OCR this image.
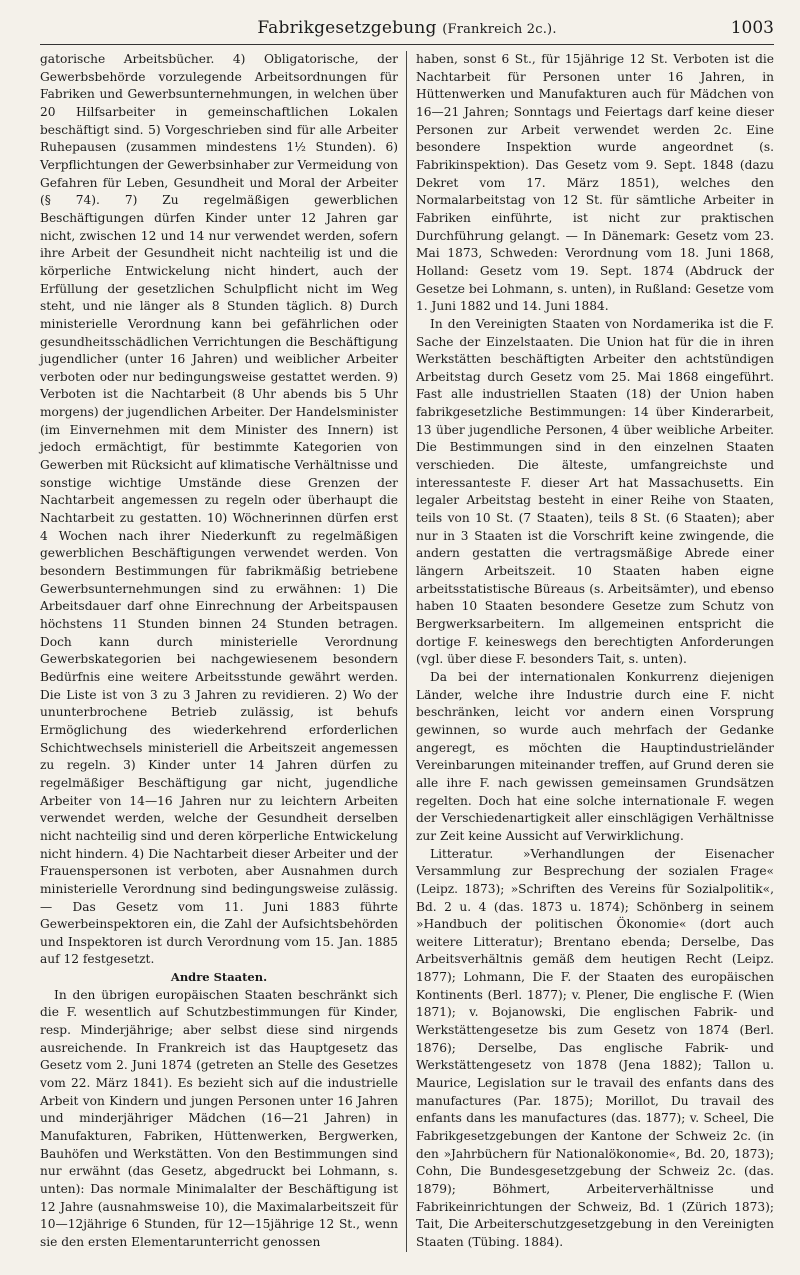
Fabrikgesetzgebung (Frankreich 2c.).	1003

gatorische Arbeitsbücher. 4) Obligatorische, der Gewerbsbehörde vorzulegende Arbeitsordnungen für Fabriken und Gewerbsunternehmungen, in welchen über 20 Hilfsarbeiter in gemeinschaftlichen Lokalen beschäftigt sind. 5) Vorgeschrieben sind für alle Arbeiter Ruhepausen (zusammen mindestens 1½ Stunden). 6) Verpflichtungen der Gewerbsinhaber zur Vermeidung von Gefahren für Leben, Gesundheit und Moral der Arbeiter (§ 74). 7) Zu regelmäßigen gewerblichen Beschäftigungen dürfen Kinder unter 12 Jahren gar nicht, zwischen 12 und 14 nur verwendet werden, sofern ihre Arbeit der Gesundheit nicht nachteilig ist und die körperliche Entwickelung nicht hindert, auch der Erfüllung der gesetzlichen Schulpflicht nicht im Weg steht, und nie länger als 8 Stunden täglich. 8) Durch ministerielle Verordnung kann bei gefährlichen oder gesundheitsschädlichen Verrichtungen die Beschäftigung jugendlicher (unter 16 Jahren) und weiblicher Arbeiter verboten oder nur bedingungsweise gestattet werden. 9) Verboten ist die Nachtarbeit (8 Uhr abends bis 5 Uhr morgens) der jugendlichen Arbeiter. Der Handelsminister (im Einvernehmen mit dem Minister des Innern) ist jedoch ermächtigt, für bestimmte Kategorien von Gewerben mit Rücksicht auf klimatische Verhältnisse und sonstige wichtige Umstände diese Grenzen der Nachtarbeit angemessen zu regeln oder überhaupt die Nachtarbeit zu gestatten. 10) Wöchnerinnen dürfen erst 4 Wochen nach ihrer Niederkunft zu regelmäßigen gewerblichen Beschäftigungen verwendet werden. Von besondern Bestimmungen für fabrikmäßig betriebene Gewerbsunternehmungen sind zu erwähnen: 1) Die Arbeitsdauer darf ohne Einrechnung der Arbeitspausen höchstens 11 Stunden binnen 24 Stunden betragen. Doch kann durch ministerielle Verordnung Gewerbskategorien bei nachgewiesenem besondern Bedürfnis eine weitere Arbeitsstunde gewährt werden. Die Liste ist von 3 zu 3 Jahren zu revidieren. 2) Wo der ununterbrochene Betrieb zulässig, ist behufs Ermöglichung des wiederkehrend erforderlichen Schichtwechsels ministeriell die Arbeitszeit angemessen zu regeln. 3) Kinder unter 14 Jahren dürfen zu regelmäßiger Beschäftigung gar nicht, jugendliche Arbeiter von 14—16 Jahren nur zu leichtern Arbeiten verwendet werden, welche der Gesundheit derselben nicht nachteilig sind und deren körperliche Entwickelung nicht hindern. 4) Die Nachtarbeit dieser Arbeiter und der Frauenspersonen ist verboten, aber Ausnahmen durch ministerielle Verordnung sind bedingungsweise zulässig. — Das Gesetz vom 11. Juni 1883 führte Gewerbeinspektoren ein, die Zahl der Aufsichtsbehörden und Inspektoren ist durch Verordnung vom 15. Jan. 1885 auf 12 festgesetzt.

Andre Staaten.

In den übrigen europäischen Staaten beschränkt sich die F. wesentlich auf Schutzbestimmungen für Kinder, resp. Minderjährige; aber selbst diese sind nirgends ausreichende. In Frankreich ist das Hauptgesetz das Gesetz vom 2. Juni 1874 (getreten an Stelle des Gesetzes vom 22. März 1841). Es bezieht sich auf die industrielle Arbeit von Kindern und jungen Personen unter 16 Jahren und minderjähriger Mädchen (16—21 Jahren) in Manufakturen, Fabriken, Hüttenwerken, Bergwerken, Bauhöfen und Werkstätten. Von den Bestimmungen sind nur erwähnt (das Gesetz, abgedruckt bei Lohmann, s. unten): Das normale Minimalalter der Beschäftigung ist 12 Jahre (ausnahmsweise 10), die Maximalarbeitszeit für 10—12jährige 6 Stunden, für 12—15jährige 12 St., wenn sie den ersten Elementarunterricht genossen

haben, sonst 6 St., für 15jährige 12 St. Verboten ist die Nachtarbeit für Personen unter 16 Jahren, in Hüttenwerken und Manufakturen auch für Mädchen von 16—21 Jahren; Sonntags und Feiertags darf keine dieser Personen zur Arbeit verwendet werden 2c. Eine besondere Inspektion wurde angeordnet (s. Fabrikinspektion). Das Gesetz vom 9. Sept. 1848 (dazu Dekret vom 17. März 1851), welches den Normalarbeitstag von 12 St. für sämtliche Arbeiter in Fabriken einführte, ist nicht zur praktischen Durchführung gelangt. — In Dänemark: Gesetz vom 23. Mai 1873, Schweden: Verordnung vom 18. Juni 1868, Holland: Gesetz vom 19. Sept. 1874 (Abdruck der Gesetze bei Lohmann, s. unten), in Rußland: Gesetze vom 1. Juni 1882 und 14. Juni 1884.

In den Vereinigten Staaten von Nordamerika ist die F. Sache der Einzelstaaten. Die Union hat für die in ihren Werkstätten beschäftigten Arbeiter den achtstündigen Arbeitstag durch Gesetz vom 25. Mai 1868 eingeführt. Fast alle industriellen Staaten (18) der Union haben fabrikgesetzliche Bestimmungen: 14 über Kinderarbeit, 13 über jugendliche Personen, 4 über weibliche Arbeiter. Die Bestimmungen sind in den einzelnen Staaten verschieden. Die älteste, umfangreichste und interessanteste F. dieser Art hat Massachusetts. Ein legaler Arbeitstag besteht in einer Reihe von Staaten, teils von 10 St. (7 Staaten), teils 8 St. (6 Staaten); aber nur in 3 Staaten ist die Vorschrift keine zwingende, die andern gestatten die vertragsmäßige Abrede einer längern Arbeitszeit. 10 Staaten haben eigne arbeitsstatistische Büreaus (s. Arbeitsämter), und ebenso haben 10 Staaten besondere Gesetze zum Schutz von Bergwerksarbeitern. Im allgemeinen entspricht die dortige F. keineswegs den berechtigten Anforderungen (vgl. über diese F. besonders Tait, s. unten).

Da bei der internationalen Konkurrenz diejenigen Länder, welche ihre Industrie durch eine F. nicht beschränken, leicht vor andern einen Vorsprung gewinnen, so wurde auch mehrfach der Gedanke angeregt, es möchten die Hauptindustrieländer Vereinbarungen miteinander treffen, auf Grund deren sie alle ihre F. nach gewissen gemeinsamen Grundsätzen regelten. Doch hat eine solche internationale F. wegen der Verschiedenartigkeit aller einschlägigen Verhältnisse zur Zeit keine Aussicht auf Verwirklichung.

Litteratur. »Verhandlungen der Eisenacher Versammlung zur Besprechung der sozialen Frage« (Leipz. 1873); »Schriften des Vereins für Sozialpolitik«, Bd. 2 u. 4 (das. 1873 u. 1874); Schönberg in seinem »Handbuch der politischen Ökonomie« (dort auch weitere Litteratur); Brentano ebenda; Derselbe, Das Arbeitsverhältnis gemäß dem heutigen Recht (Leipz. 1877); Lohmann, Die F. der Staaten des europäischen Kontinents (Berl. 1877); v. Plener, Die englische F. (Wien 1871); v. Bojanowski, Die englischen Fabrik- und Werkstättengesetze bis zum Gesetz von 1874 (Berl. 1876); Derselbe, Das englische Fabrik- und Werkstättengesetz von 1878 (Jena 1882); Tallon u. Maurice, Legislation sur le travail des enfants dans des manufactures (Par. 1875); Morillot, Du travail des enfants dans les manufactures (das. 1877); v. Scheel, Die Fabrikgesetzgebungen der Kantone der Schweiz 2c. (in den »Jahrbüchern für Nationalökonomie«, Bd. 20, 1873); Cohn, Die Bundesgesetzgebung der Schweiz 2c. (das. 1879); Böhmert, Arbeiterverhältnisse und Fabrikeinrichtungen der Schweiz, Bd. 1 (Zürich 1873); Tait, Die Arbeiterschutzgesetzgebung in den Vereinigten Staaten (Tübing. 1884).
